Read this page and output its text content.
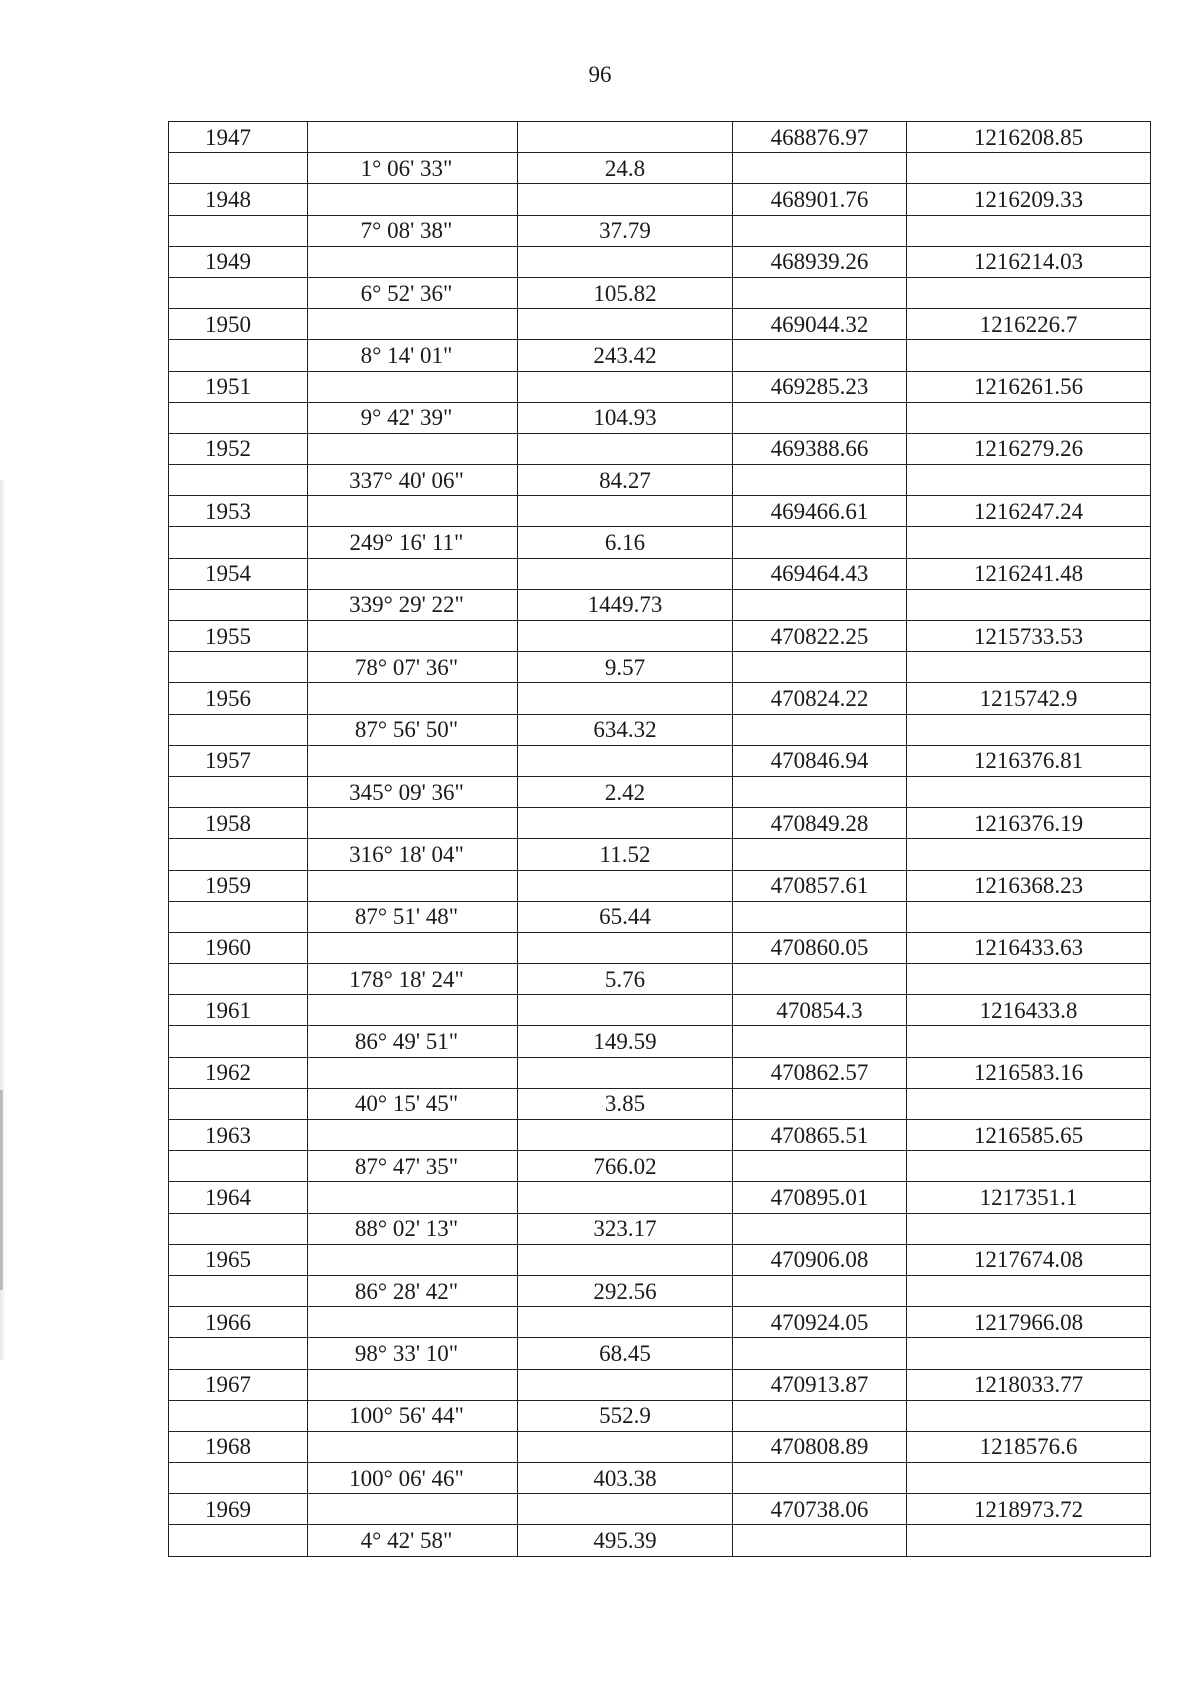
96
1947			468876.97	1216208.85
	1° 06' 33"	24.8		
1948			468901.76	1216209.33
	7° 08' 38"	37.79		
1949			468939.26	1216214.03
	6° 52' 36"	105.82		
1950			469044.32	1216226.7
	8° 14' 01"	243.42		
1951			469285.23	1216261.56
	9° 42' 39"	104.93		
1952			469388.66	1216279.26
	337° 40' 06"	84.27		
1953			469466.61	1216247.24
	249° 16' 11"	6.16		
1954			469464.43	1216241.48
	339° 29' 22"	1449.73		
1955			470822.25	1215733.53
	78° 07' 36"	9.57		
1956			470824.22	1215742.9
	87° 56' 50"	634.32		
1957			470846.94	1216376.81
	345° 09' 36"	2.42		
1958			470849.28	1216376.19
	316° 18' 04"	11.52		
1959			470857.61	1216368.23
	87° 51' 48"	65.44		
1960			470860.05	1216433.63
	178° 18' 24"	5.76		
1961			470854.3	1216433.8
	86° 49' 51"	149.59		
1962			470862.57	1216583.16
	40° 15' 45"	3.85		
1963			470865.51	1216585.65
	87° 47' 35"	766.02		
1964			470895.01	1217351.1
	88° 02' 13"	323.17		
1965			470906.08	1217674.08
	86° 28' 42"	292.56		
1966			470924.05	1217966.08
	98° 33' 10"	68.45		
1967			470913.87	1218033.77
	100° 56' 44"	552.9		
1968			470808.89	1218576.6
	100° 06' 46"	403.38		
1969			470738.06	1218973.72
	4° 42' 58"	495.39		
